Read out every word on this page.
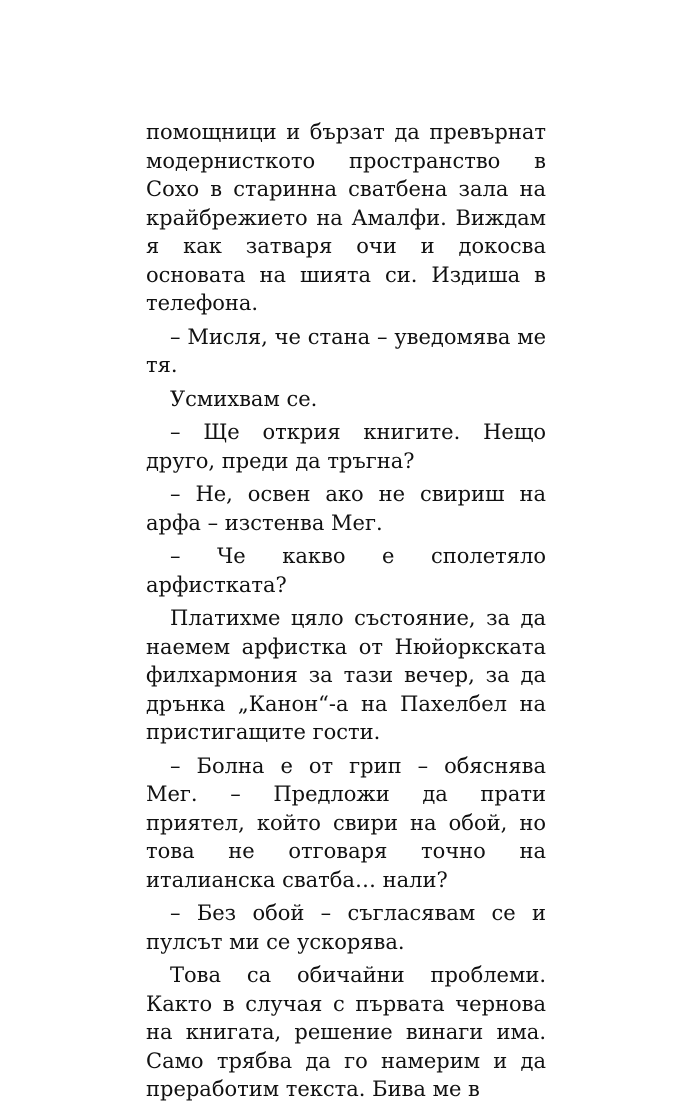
помощници и бързат да превърнат модернисткото пространство в Сохо в старинна сватбена зала на крайбрежието на Амалфи. Виждам я как затваря очи и докосва основата на шията си. Издиша в телефона.

– Мисля, че стана – уведомява ме тя.

Усмихвам се.

– Ще открия книгите. Нещо друго, преди да тръгна?

– Не, освен ако не свириш на арфа – изстенва Мег.

– Че какво е сполетяло арфистката?

Платихме цяло състояние, за да наемем арфистка от Нюйоркската филхармония за тази вечер, за да дрънка „Канон“-а на Пахелбел на пристигащите гости.

– Болна е от грип – обяснява Мег. – Предложи да прати приятел, който свири на обой, но това не отговаря точно на италианска сватба… нали?

– Без обой – съгласявам се и пулсът ми се ускорява.

Това са обичайни проблеми. Както в случая с първата чернова на книгата, решение винаги има. Само трябва да го намерим и да преработим текста. Бива ме в
